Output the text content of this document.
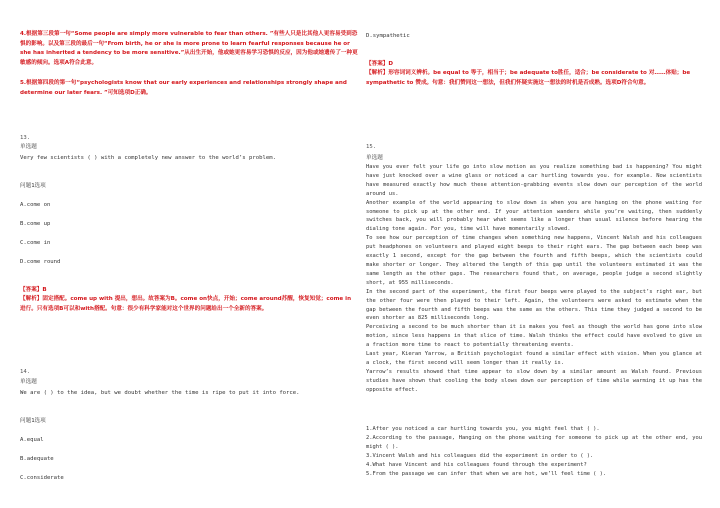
4.根据第三段第一句“Some people are simply more vulnerable to fear than others. ”有些人只是比其他人更容易受到恐惧的影响。以及第三段的最后一句“From birth, he or she is more prone to learn fearful responses because he or she has inherited a tendency to be more sensitive.”从出生开始，他或她更容易学习恐惧的反应，因为他或她遗传了一种更敏感的倾向。选项A符合此意。
5.根据第四段的第一句“psychologists know that our early experiences and relationships strongly shape and determine our later fears. ”可知选项D正确。
13.
单选题
Very few scientists ( ) with a completely new answer to the world’s problem.
问题1选项
A.come on
B.come up
C.come in
D.come round
【答案】B
【解析】固定搭配。come up with 提出，想出。故答案为B。come on快点，开始；come around苏醒，恢复知觉；come in 进行。只有选项B可以和with搭配。句意：很少有科学家能对这个世界的问题给出一个全新的答案。
14.
单选题
We are ( ) to the idea, but we doubt whether the time is ripe to put it into force.
问题1选项
A.equal
B.adequate
C.considerate
D.sympathetic
【答案】D
【解析】形容词词义辨析。be equal to 等于，相当于；be adequate to胜任，适合；be considerate to 对……体贴；be sympathetic to 赞成。句意：我们赞同这一想法，但我们怀疑实施这一想法的时机是否成熟。选项D符合句意。
15.
单选题
Have you ever felt your life go into slow motion as you realize something bad is happening? You might have just knocked over a wine glass or noticed a car hurtling towards you. for example. Now scientists have measured exactly how much these attention-grabbing events slow down our perception of the world around us.
Another example of the world appearing to slow down is when you are hanging on the phone waiting for someone to pick up at the other end. If your attention wanders while you’re waiting, then suddenly switches back, you will probably hear what seems like a longer than usual silence before hearing the dialing tone again. For you, time will have momentarily slowed.
To see how our perception of time changes when something new happens, Vincent Walsh and his colleagues put headphones on volunteers and played eight beeps to their right ears. The gap between each beep was exactly 1 second, except for the gap between the fourth and fifth beeps, which the scientists could make shorter or longer. They altered the length of this gap until the volunteers estimated it was the same length as the other gaps. The researchers found that, on average, people judge a second slightly short, at 955 milliseconds.
In the second part of the experiment, the first four beeps were played to the subject’s right ear, but the other four were then played to their left. Again, the volunteers were asked to estimate when the gap between the fourth and fifth beeps was the same as the others. This time they judged a second to be even shorter as 825 milliseconds long.
Perceiving a second to be much shorter than it is makes you feel as though the world has gone into slow motion, since less happens in that slice of time. Walsh thinks the effect could have evolved to give us a fraction more time to react to potentially threatening events.
Last year, Kieran Yarrow, a British psychologist found a similar effect with vision. When you glance at a clock, the first second will seem longer than it really is.
Yarrow’s results showed that time appear to slow down by a similar amount as Walsh found. Previous studies have shown that cooling the body slows down our perception of time while warming it up has the opposite effect.
1.After you noticed a car hurtling towards you, you might feel that ( ).
2.According to the passage, Hanging on the phone waiting for someone to pick up at the other end, you might ( ).
3.Vincent Walsh and his colleagues did the experiment in order to ( ).
4.What have Vincent and his colleagues found through the experiment?
5.From the passage we can infer that when we are hot, we’ll feel time ( ).
